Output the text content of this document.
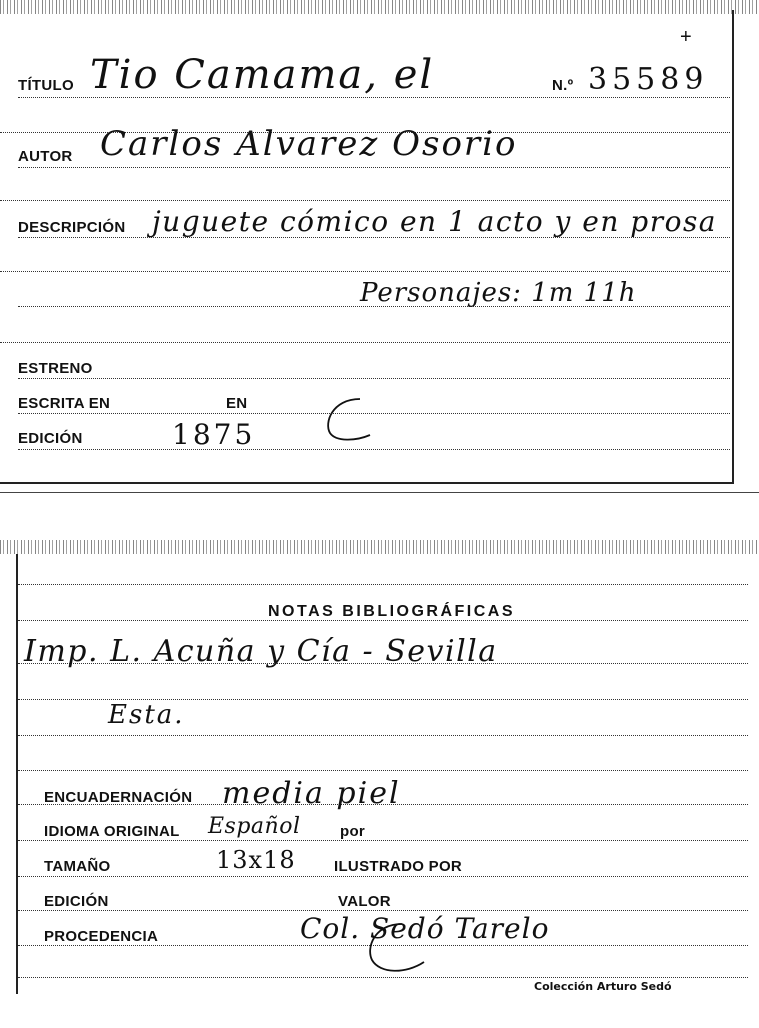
+
TÍTULO Tio Camama, el	N.º 35589
AUTOR Carlos Alvarez Osorio
DESCRIPCIÓN juguete cómico en 1 acto y en prosa
Personajes: 1m 11h
ESTRENO
ESCRITA EN	EN
EDICIÓN	1875
NOTAS BIBLIOGRÁFICAS
Imp. L. Acuña y Cía - Sevilla
Esta.
ENCUADERNACIÓN media piel
IDIOMA ORIGINAL Español	por
TAMAÑO	13x18	ILUSTRADO POR
EDICIÓN	VALOR
PROCEDENCIA	Col. Sedó Tarelo
Colección Arturo Sedó
